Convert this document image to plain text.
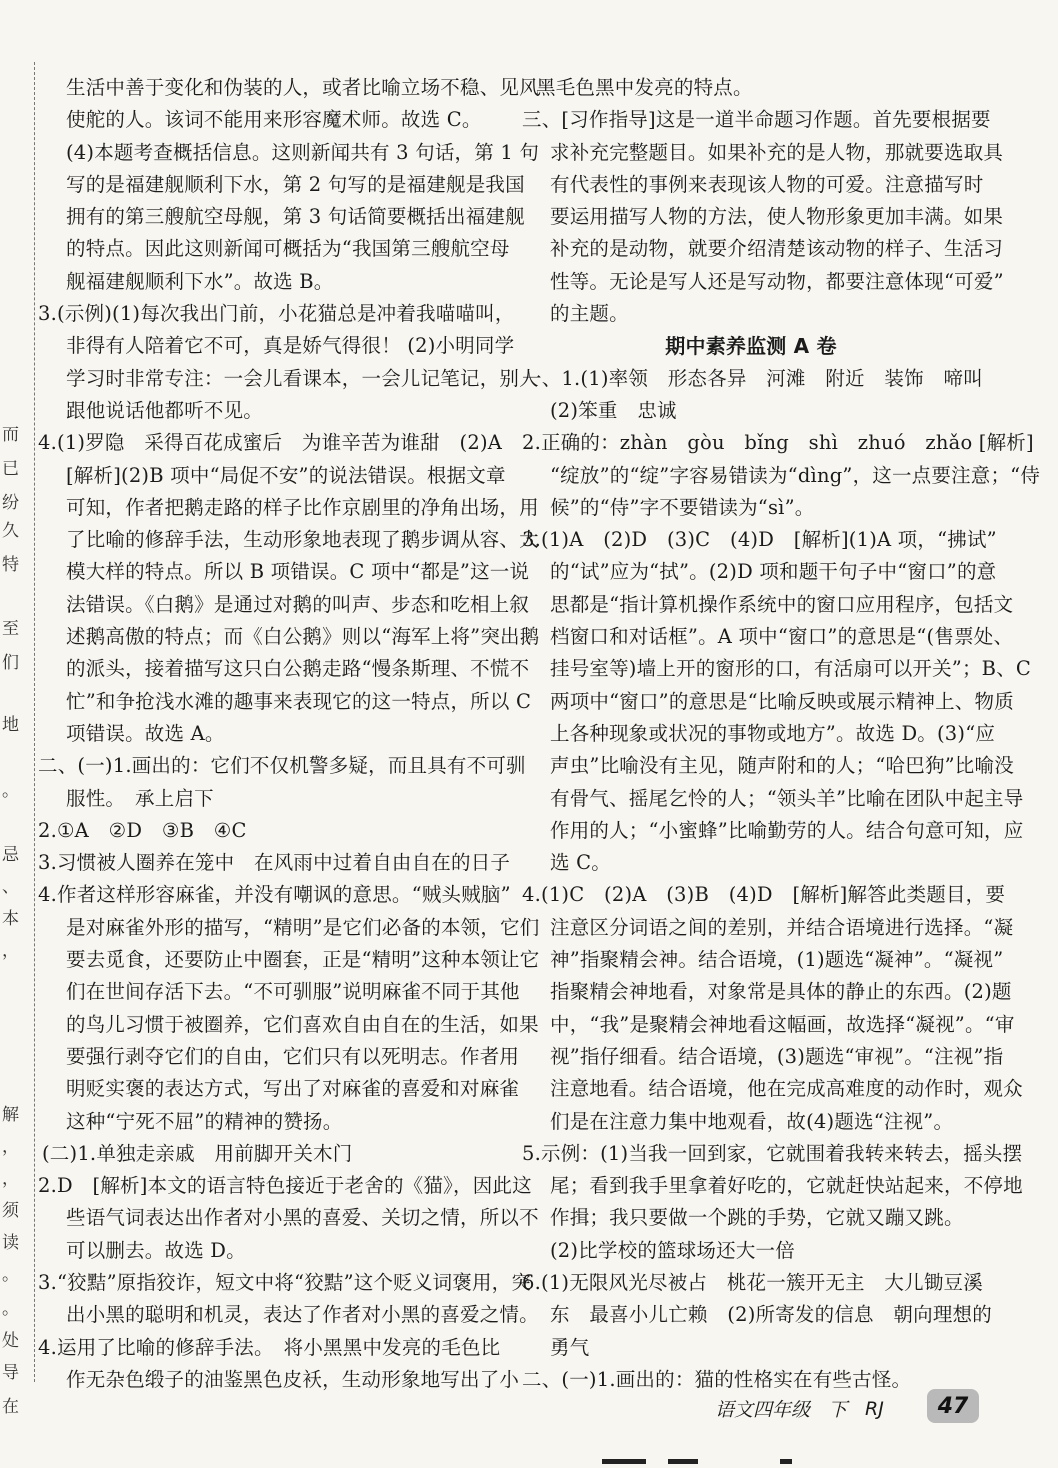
而
已
纷
久
特
至
们
地
。
忌
、
本
，
解
，
，
须
读
。
。
处
导
在
生活中善于变化和伪装的人，或者比喻立场不稳、见风
使舵的人。该词不能用来形容魔术师。故选 C。
(4)本题考查概括信息。这则新闻共有 3 句话，第 1 句
写的是福建舰顺利下水，第 2 句写的是福建舰是我国
拥有的第三艘航空母舰，第 3 句话简要概括出福建舰
的特点。因此这则新闻可概括为“我国第三艘航空母
舰福建舰顺利下水”。故选 B。
3.(示例)(1)每次我出门前，小花猫总是冲着我喵喵叫，
非得有人陪着它不可，真是娇气得很！ (2)小明同学
学习时非常专注：一会儿看课本，一会儿记笔记，别人
跟他说话他都听不见。
4.(1)罗隐　采得百花成蜜后　为谁辛苦为谁甜　(2)A
[解析](2)B 项中“局促不安”的说法错误。根据文章
可知，作者把鹅走路的样子比作京剧里的净角出场，用
了比喻的修辞手法，生动形象地表现了鹅步调从容、大
模大样的特点。所以 B 项错误。C 项中“都是”这一说
法错误。《白鹅》是通过对鹅的叫声、步态和吃相上叙
述鹅高傲的特点；而《白公鹅》则以“海军上将”突出鹅
的派头，接着描写这只白公鹅走路“慢条斯理、不慌不
忙”和争抢浅水滩的趣事来表现它的这一特点，所以 C
项错误。故选 A。
二、(一)1.画出的：它们不仅机警多疑，而且具有不可驯
服性。　承上启下
2.①A　②D　③B　④C
3.习惯被人圈养在笼中　在风雨中过着自由自在的日子
4.作者这样形容麻雀，并没有嘲讽的意思。“贼头贼脑”
是对麻雀外形的描写，“精明”是它们必备的本领，它们
要去觅食，还要防止中圈套，正是“精明”这种本领让它
们在世间存活下去。“不可驯服”说明麻雀不同于其他
的鸟儿习惯于被圈养，它们喜欢自由自在的生活，如果
要强行剥夺它们的自由，它们只有以死明志。作者用
明贬实褒的表达方式，写出了对麻雀的喜爱和对麻雀
这种“宁死不屈”的精神的赞扬。
(二)1.单独走亲戚　用前脚开关木门
2.D　[解析]本文的语言特色接近于老舍的《猫》，因此这
些语气词表达出作者对小黑的喜爱、关切之情，所以不
可以删去。故选 D。
3.“狡黠”原指狡诈，短文中将“狡黠”这个贬义词褒用，突
出小黑的聪明和机灵，表达了作者对小黑的喜爱之情。
4.运用了比喻的修辞手法。　将小黑黑中发亮的毛色比
作无杂色缎子的油鉴黑色皮袄，生动形象地写出了小
黑毛色黑中发亮的特点。
三、[习作指导]这是一道半命题习作题。首先要根据要
求补充完整题目。如果补充的是人物，那就要选取具
有代表性的事例来表现该人物的可爱。注意描写时
要运用描写人物的方法，使人物形象更加丰满。如果
补充的是动物，就要介绍清楚该动物的样子、生活习
性等。无论是写人还是写动物，都要注意体现“可爱”
的主题。
期中素养监测 A 卷
一、1.(1)率领　形态各异　河滩　附近　装饰　啼叫
(2)笨重　忠诚
2.正确的：zhàn　gòu　bǐng　shì　zhuó　zhǎo [解析]
“绽放”的“绽”字容易错读为“dìng”，这一点要注意；“侍
候”的“侍”字不要错读为“sì”。
3.(1)A　(2)D　(3)C　(4)D　[解析](1)A 项，“拂试”
的“试”应为“拭”。(2)D 项和题干句子中“窗口”的意
思都是“指计算机操作系统中的窗口应用程序，包括文
档窗口和对话框”。A 项中“窗口”的意思是“(售票处、
挂号室等)墙上开的窗形的口，有活扇可以开关”；B、C
两项中“窗口”的意思是“比喻反映或展示精神上、物质
上各种现象或状况的事物或地方”。故选 D。(3)“应
声虫”比喻没有主见，随声附和的人；“哈巴狗”比喻没
有骨气、摇尾乞怜的人；“领头羊”比喻在团队中起主导
作用的人；“小蜜蜂”比喻勤劳的人。结合句意可知，应
选 C。
4.(1)C　(2)A　(3)B　(4)D　[解析]解答此类题目，要
注意区分词语之间的差别，并结合语境进行选择。“凝
神”指聚精会神。结合语境，(1)题选“凝神”。“凝视”
指聚精会神地看，对象常是具体的静止的东西。(2)题
中，“我”是聚精会神地看这幅画，故选择“凝视”。“审
视”指仔细看。结合语境，(3)题选“审视”。“注视”指
注意地看。结合语境，他在完成高难度的动作时，观众
们是在注意力集中地观看，故(4)题选“注视”。
5.示例：(1)当我一回到家，它就围着我转来转去，摇头摆
尾；看到我手里拿着好吃的，它就赶快站起来，不停地
作揖；我只要做一个跳的手势，它就又蹦又跳。
(2)比学校的篮球场还大一倍
6.(1)无限风光尽被占　桃花一簇开无主　大儿锄豆溪
东　最喜小儿亡赖　(2)所寄发的信息　朝向理想的
勇气
二、(一)1.画出的：猫的性格实在有些古怪。
语文四年级 下 RJ	47
